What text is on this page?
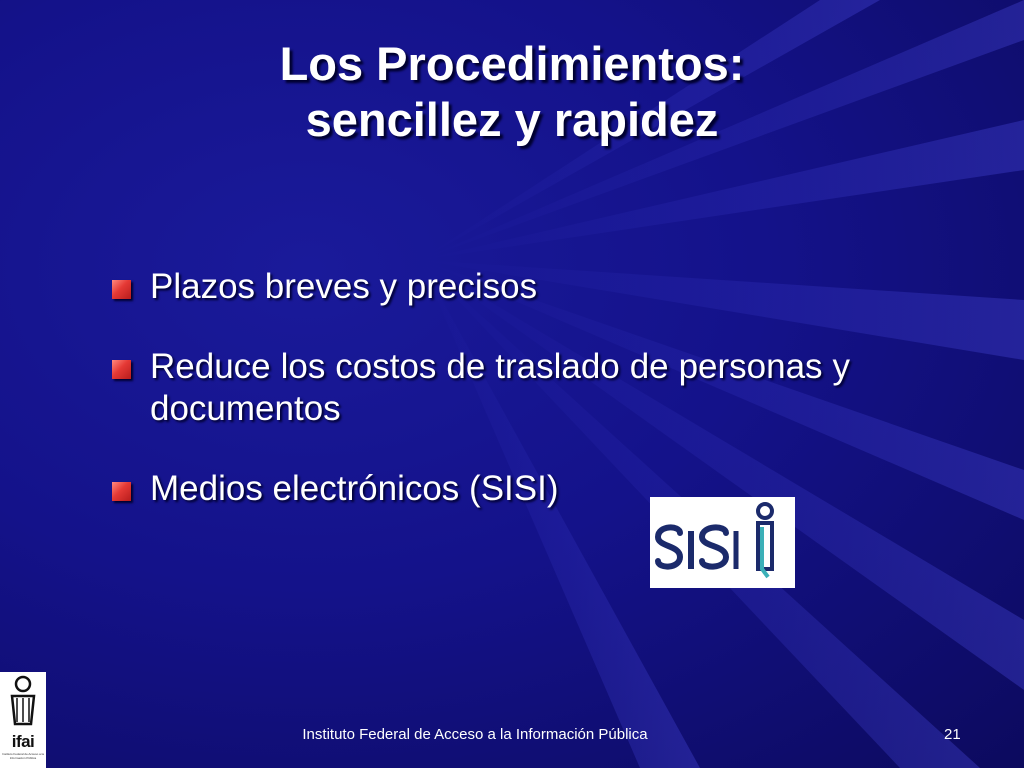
Los Procedimientos:
sencillez y rapidez
Plazos breves y precisos
Reduce los costos de traslado de personas y documentos
Medios electrónicos (SISI)
ifai
Instituto Federal de Acceso a la Información Pública
Instituto Federal de Acceso a la Información Pública	21
